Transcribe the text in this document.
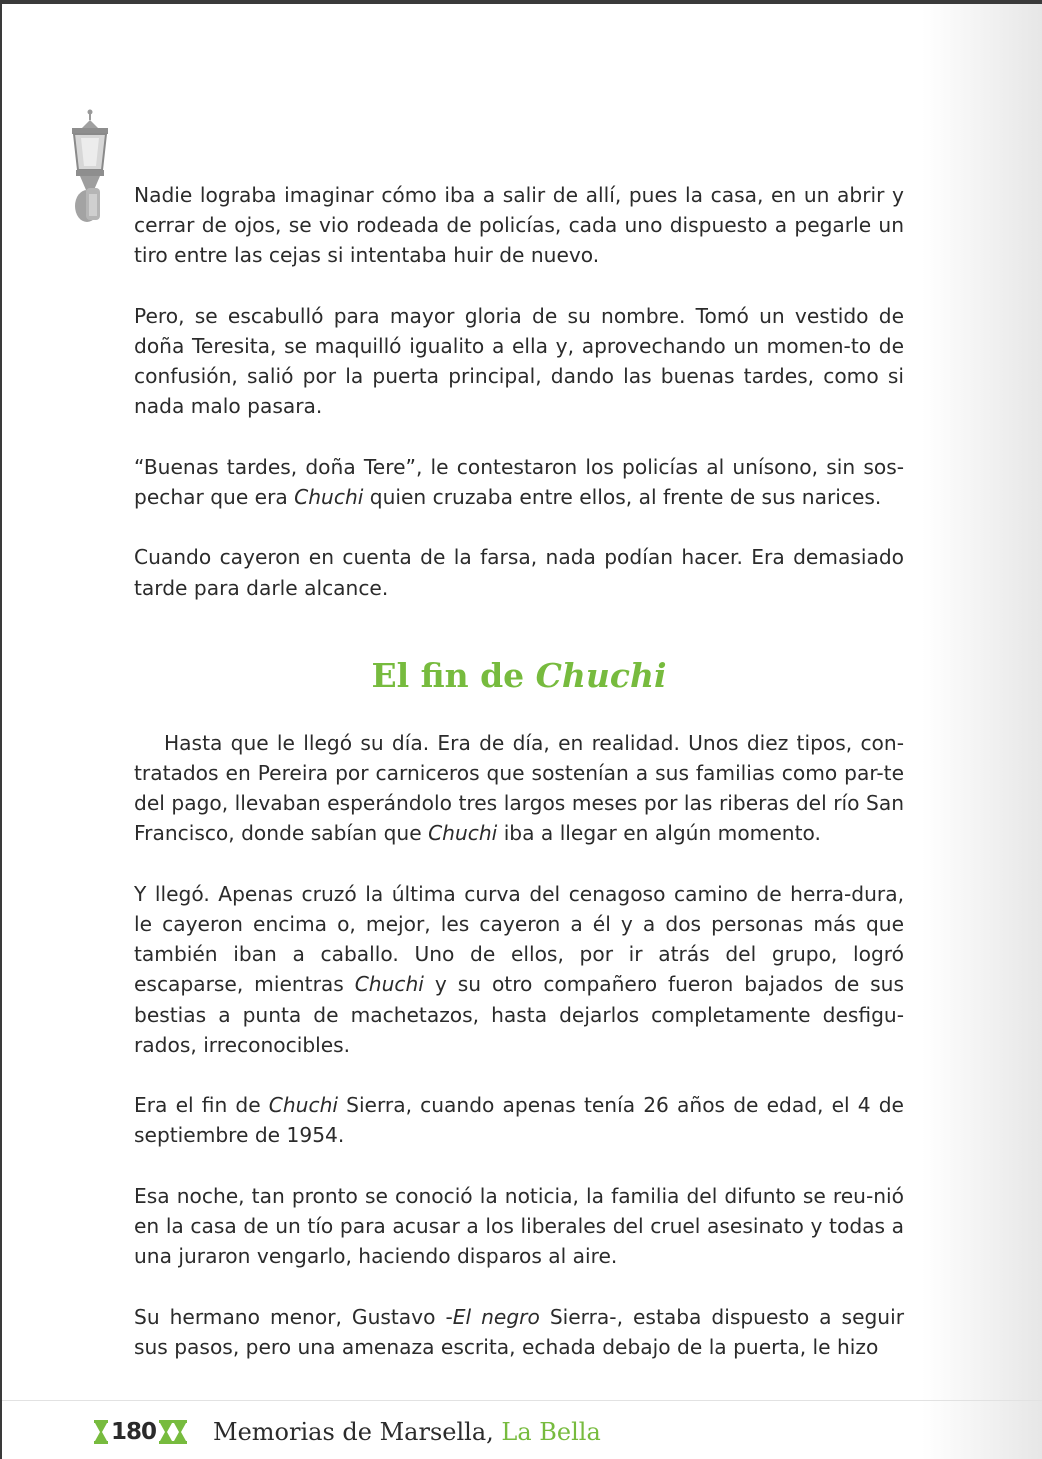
Nadie lograba imaginar cómo iba a salir de allí, pues la casa, en un abrir y cerrar de ojos, se vio rodeada de policías, cada uno dispuesto a pegarle un tiro entre las cejas si intentaba huir de nuevo.

Pero, se escabulló para mayor gloria de su nombre. Tomó un vestido de doña Teresita, se maquilló igualito a ella y, aprovechando un momen-to de confusión, salió por la puerta principal, dando las buenas tardes, como si nada malo pasara.

“Buenas tardes, doña Tere”, le contestaron los policías al unísono, sin sos-pechar que era Chuchi quien cruzaba entre ellos, al frente de sus narices.

Cuando cayeron en cuenta de la farsa, nada podían hacer. Era demasiado tarde para darle alcance.

El fin de Chuchi

Hasta que le llegó su día. Era de día, en realidad. Unos diez tipos, con-tratados en Pereira por carniceros que sostenían a sus familias como par-te del pago, llevaban esperándolo tres largos meses por las riberas del río San Francisco, donde sabían que Chuchi iba a llegar en algún momento.

Y llegó. Apenas cruzó la última curva del cenagoso camino de herra-dura, le cayeron encima o, mejor, les cayeron a él y a dos personas más que también iban a caballo. Uno de ellos, por ir atrás del grupo, logró escaparse, mientras Chuchi y su otro compañero fueron bajados de sus bestias a punta de machetazos, hasta dejarlos completamente desfigu-rados, irreconocibles.

Era el fin de Chuchi Sierra, cuando apenas tenía 26 años de edad, el 4 de septiembre de 1954.

Esa noche, tan pronto se conoció la noticia, la familia del difunto se reu-nió en la casa de un tío para acusar a los liberales del cruel asesinato y todas a una juraron vengarlo, haciendo disparos al aire.

Su hermano menor, Gustavo -El negro Sierra-, estaba dispuesto a seguir sus pasos, pero una amenaza escrita, echada debajo de la puerta, le hizo

180 Memorias de Marsella, La Bella
